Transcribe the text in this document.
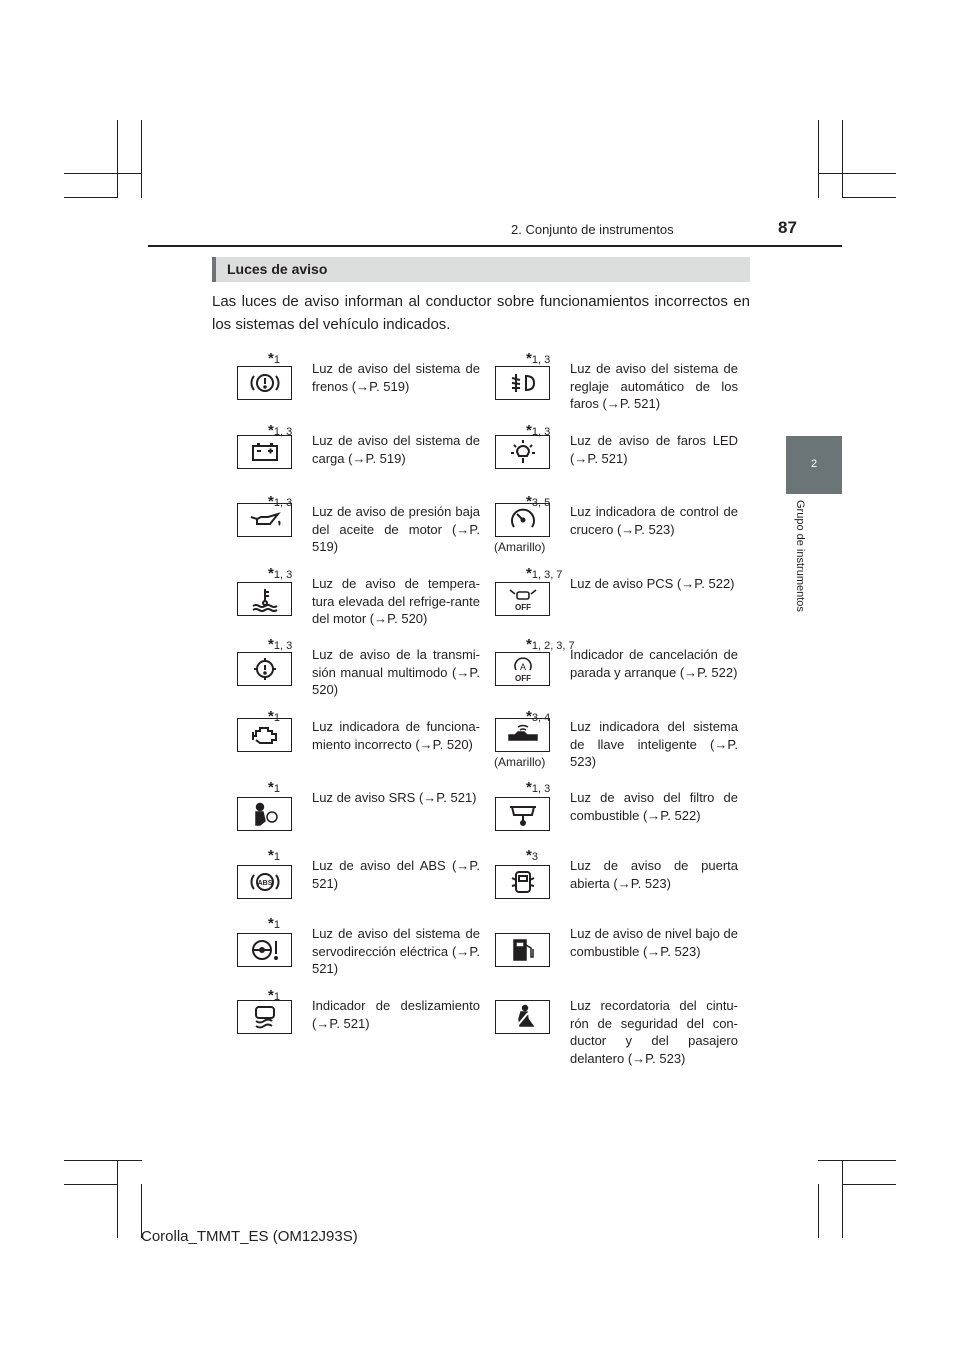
2. Conjunto de instrumentos	87
2
Grupo de instrumentos
Luces de aviso
Las luces de aviso informan al conductor sobre funcionamientos incorrectos en los sistemas del vehículo indicados.
*1
Luz de aviso del sistema de frenos (→P. 519)
*1, 3
Luz de aviso del sistema de carga (→P. 519)
*1, 3
Luz de aviso de presión baja del aceite de motor (→P. 519)
*1, 3
Luz de aviso de tempera-tura elevada del refrige-rante del motor (→P. 520)
*1, 3
Luz de aviso de la transmi-sión manual multimodo (→P. 520)
*1
Luz indicadora de funciona-miento incorrecto (→P. 520)
*1
Luz de aviso SRS (→P. 521)
*1
Luz de aviso del ABS (→P. 521)
*1
Luz de aviso del sistema de servodirección eléctrica (→P. 521)
*1
Indicador de deslizamiento (→P. 521)
*1, 3
Luz de aviso del sistema de reglaje automático de los faros (→P. 521)
*1, 3
Luz de aviso de faros LED (→P. 521)
*3, 5
(Amarillo)
Luz indicadora de control de crucero (→P. 523)
*1, 3, 7
Luz de aviso PCS (→P. 522)
*1, 2, 3, 7
Indicador de cancelación de parada y arranque (→P. 522)
*3, 4
(Amarillo)
Luz indicadora del sistema de llave inteligente (→P. 523)
*1, 3
Luz de aviso del filtro de combustible (→P. 522)
*3
Luz de aviso de puerta abierta (→P. 523)
Luz de aviso de nivel bajo de combustible (→P. 523)
Luz recordatoria del cintu-rón de seguridad del con-ductor y del pasajero delantero (→P. 523)
Corolla_TMMT_ES (OM12J93S)
